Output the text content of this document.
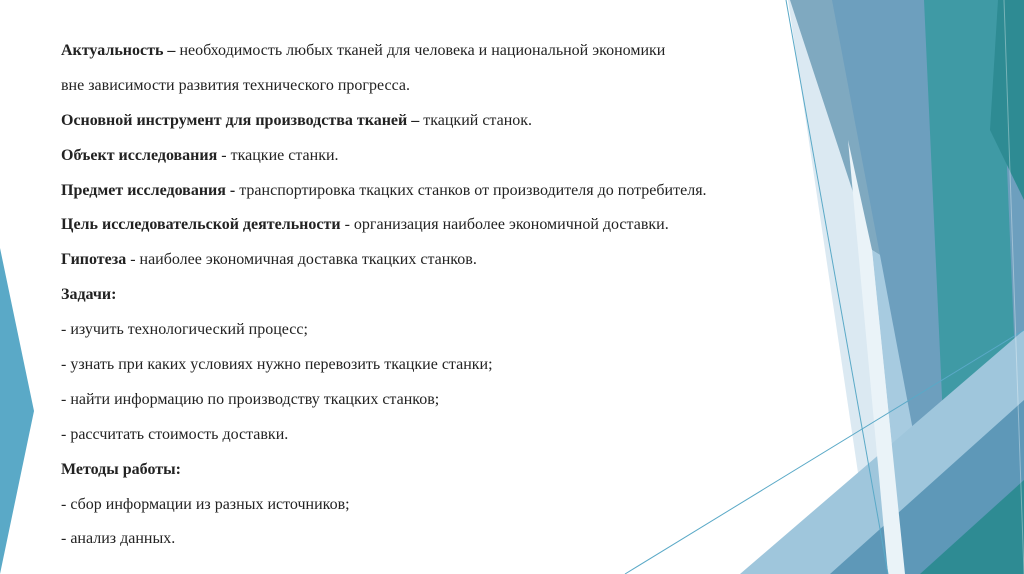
Актуальность – необходимость любых тканей для человека и национальной экономики
вне зависимости развития технического прогресса.
Основной инструмент для производства тканей – ткацкий станок.
Объект исследования - ткацкие станки.
Предмет исследования - транспортировка ткацких станков от производителя до потребителя.
Цель исследовательской деятельности - организация наиболее экономичной доставки.
Гипотеза - наиболее экономичная доставка ткацких станков.
Задачи:
- изучить технологический процесс;
- узнать при каких условиях нужно перевозить ткацкие станки;
- найти информацию по производству ткацких станков;
- рассчитать стоимость доставки.
Методы работы:
- сбор информации из разных источников;
- анализ данных.
